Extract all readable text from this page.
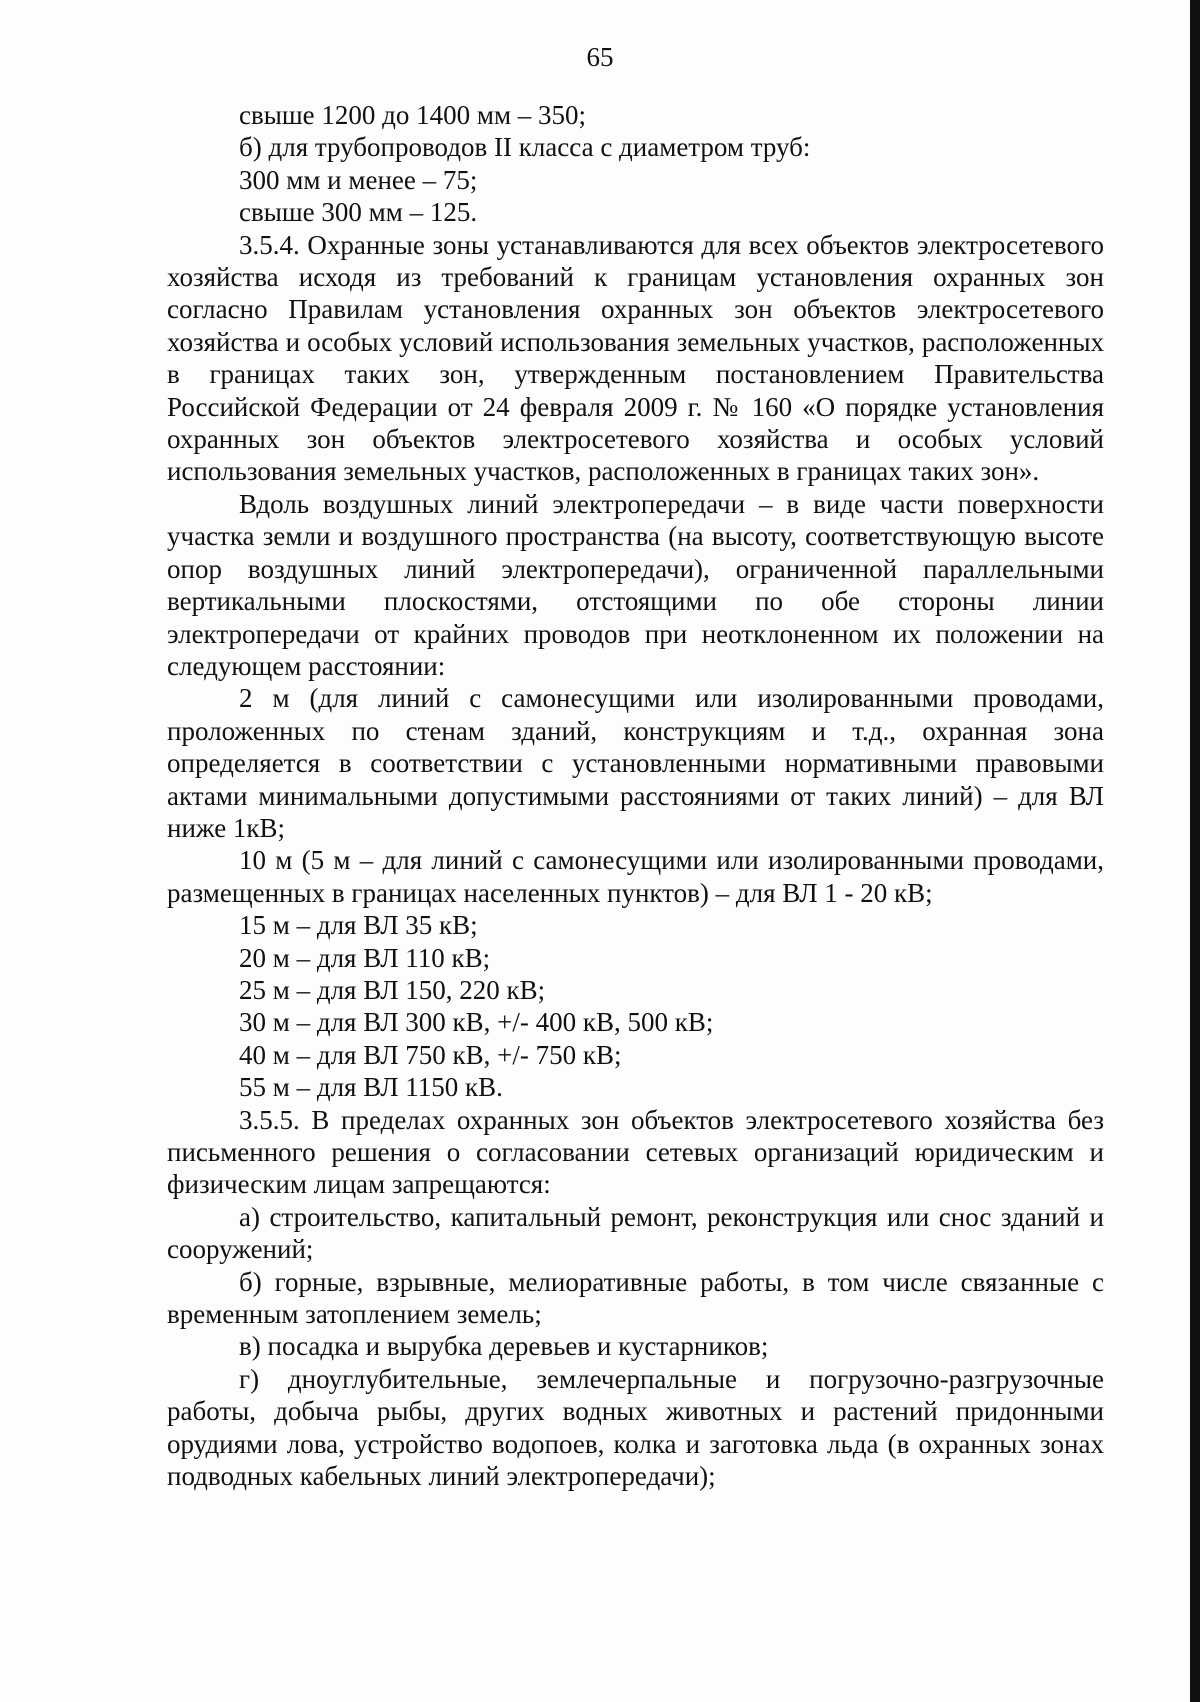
65

свыше 1200 до 1400 мм – 350;

б) для трубопроводов II класса с диаметром труб:

300 мм и менее – 75;

свыше 300 мм – 125.

3.5.4. Охранные зоны устанавливаются для всех объектов электросетевого хозяйства исходя из требований к границам установления охранных зон согласно Правилам установления охранных зон объектов электросетевого хозяйства и особых условий использования земельных участков, расположенных в границах таких зон, утвержденным постановлением Правительства Российской Федерации от 24 февраля 2009 г. № 160 «О порядке установления охранных зон объектов электросетевого хозяйства и особых условий использования земельных участков, расположенных в границах таких зон».

Вдоль воздушных линий электропередачи – в виде части поверхности участка земли и воздушного пространства (на высоту, соответствующую высоте опор воздушных линий электропередачи), ограниченной параллельными вертикальными плоскостями, отстоящими по обе стороны линии электропередачи от крайних проводов при неотклоненном их положении на следующем расстоянии:

2 м (для линий с самонесущими или изолированными проводами, проложенных по стенам зданий, конструкциям и т.д., охранная зона определяется в соответствии с установленными нормативными правовыми актами минимальными допустимыми расстояниями от таких линий) – для ВЛ ниже 1кВ;

10 м (5 м – для линий с самонесущими или изолированными проводами, размещенных в границах населенных пунктов) – для ВЛ 1 - 20 кВ;

15 м – для ВЛ 35 кВ;

20 м – для ВЛ 110 кВ;

25 м – для ВЛ 150, 220 кВ;

30 м – для ВЛ 300 кВ, +/- 400 кВ, 500 кВ;

40 м – для ВЛ 750 кВ, +/- 750 кВ;

55 м – для ВЛ 1150 кВ.

3.5.5. В пределах охранных зон объектов электросетевого хозяйства без письменного решения о согласовании сетевых организаций юридическим и физическим лицам запрещаются:

а) строительство, капитальный ремонт, реконструкция или снос зданий и сооружений;

б) горные, взрывные, мелиоративные работы, в том числе связанные с временным затоплением земель;

в) посадка и вырубка деревьев и кустарников;

г) дноуглубительные, землечерпальные и погрузочно-разгрузочные работы, добыча рыбы, других водных животных и растений придонными орудиями лова, устройство водопоев, колка и заготовка льда (в охранных зонах подводных кабельных линий электропередачи);
